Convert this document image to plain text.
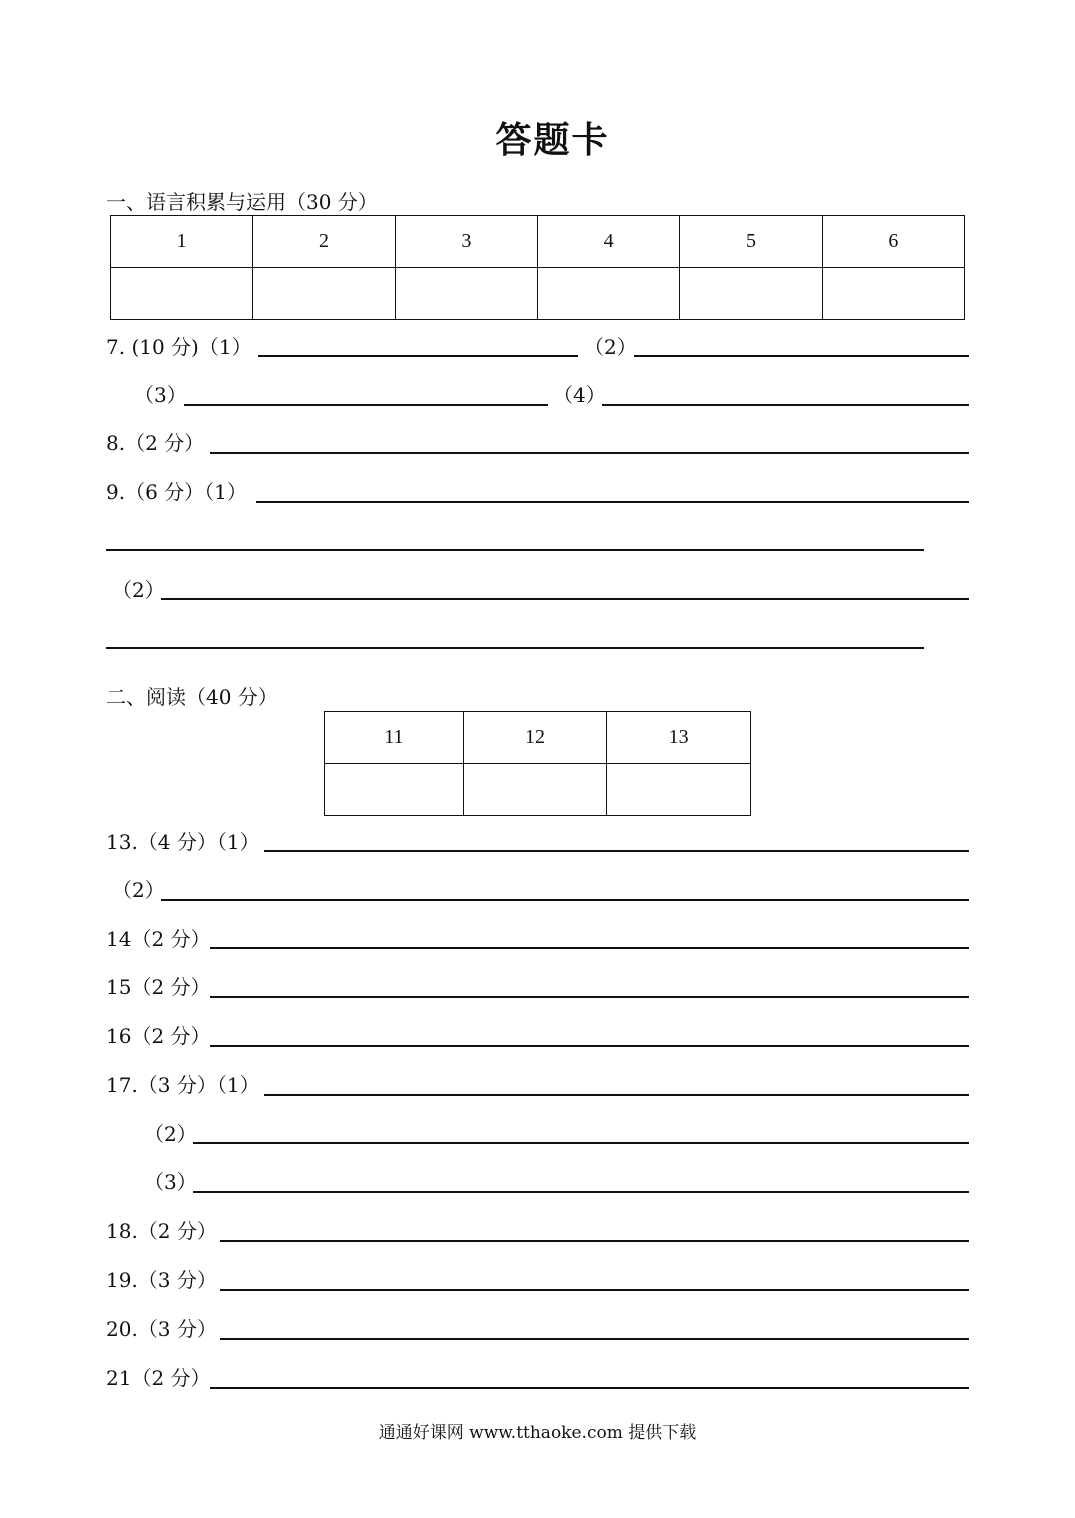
答题卡
一、语言积累与运用（30 分）
1	2	3	4	5	6

7. (10 分)（1）	（2）
（3）	（4）
8.（2 分）
9.（6 分）（1）
（2）
二、阅读（40 分）
11	12	13

13.（4 分）（1）
（2）
14（2 分）
15（2 分）
16（2 分）
17.（3 分）（1）
（2）
（3）
18.（2 分）
19.（3 分）
20.（3 分）
21（2 分）
通通好课网 www.tthaoke.com 提供下载
